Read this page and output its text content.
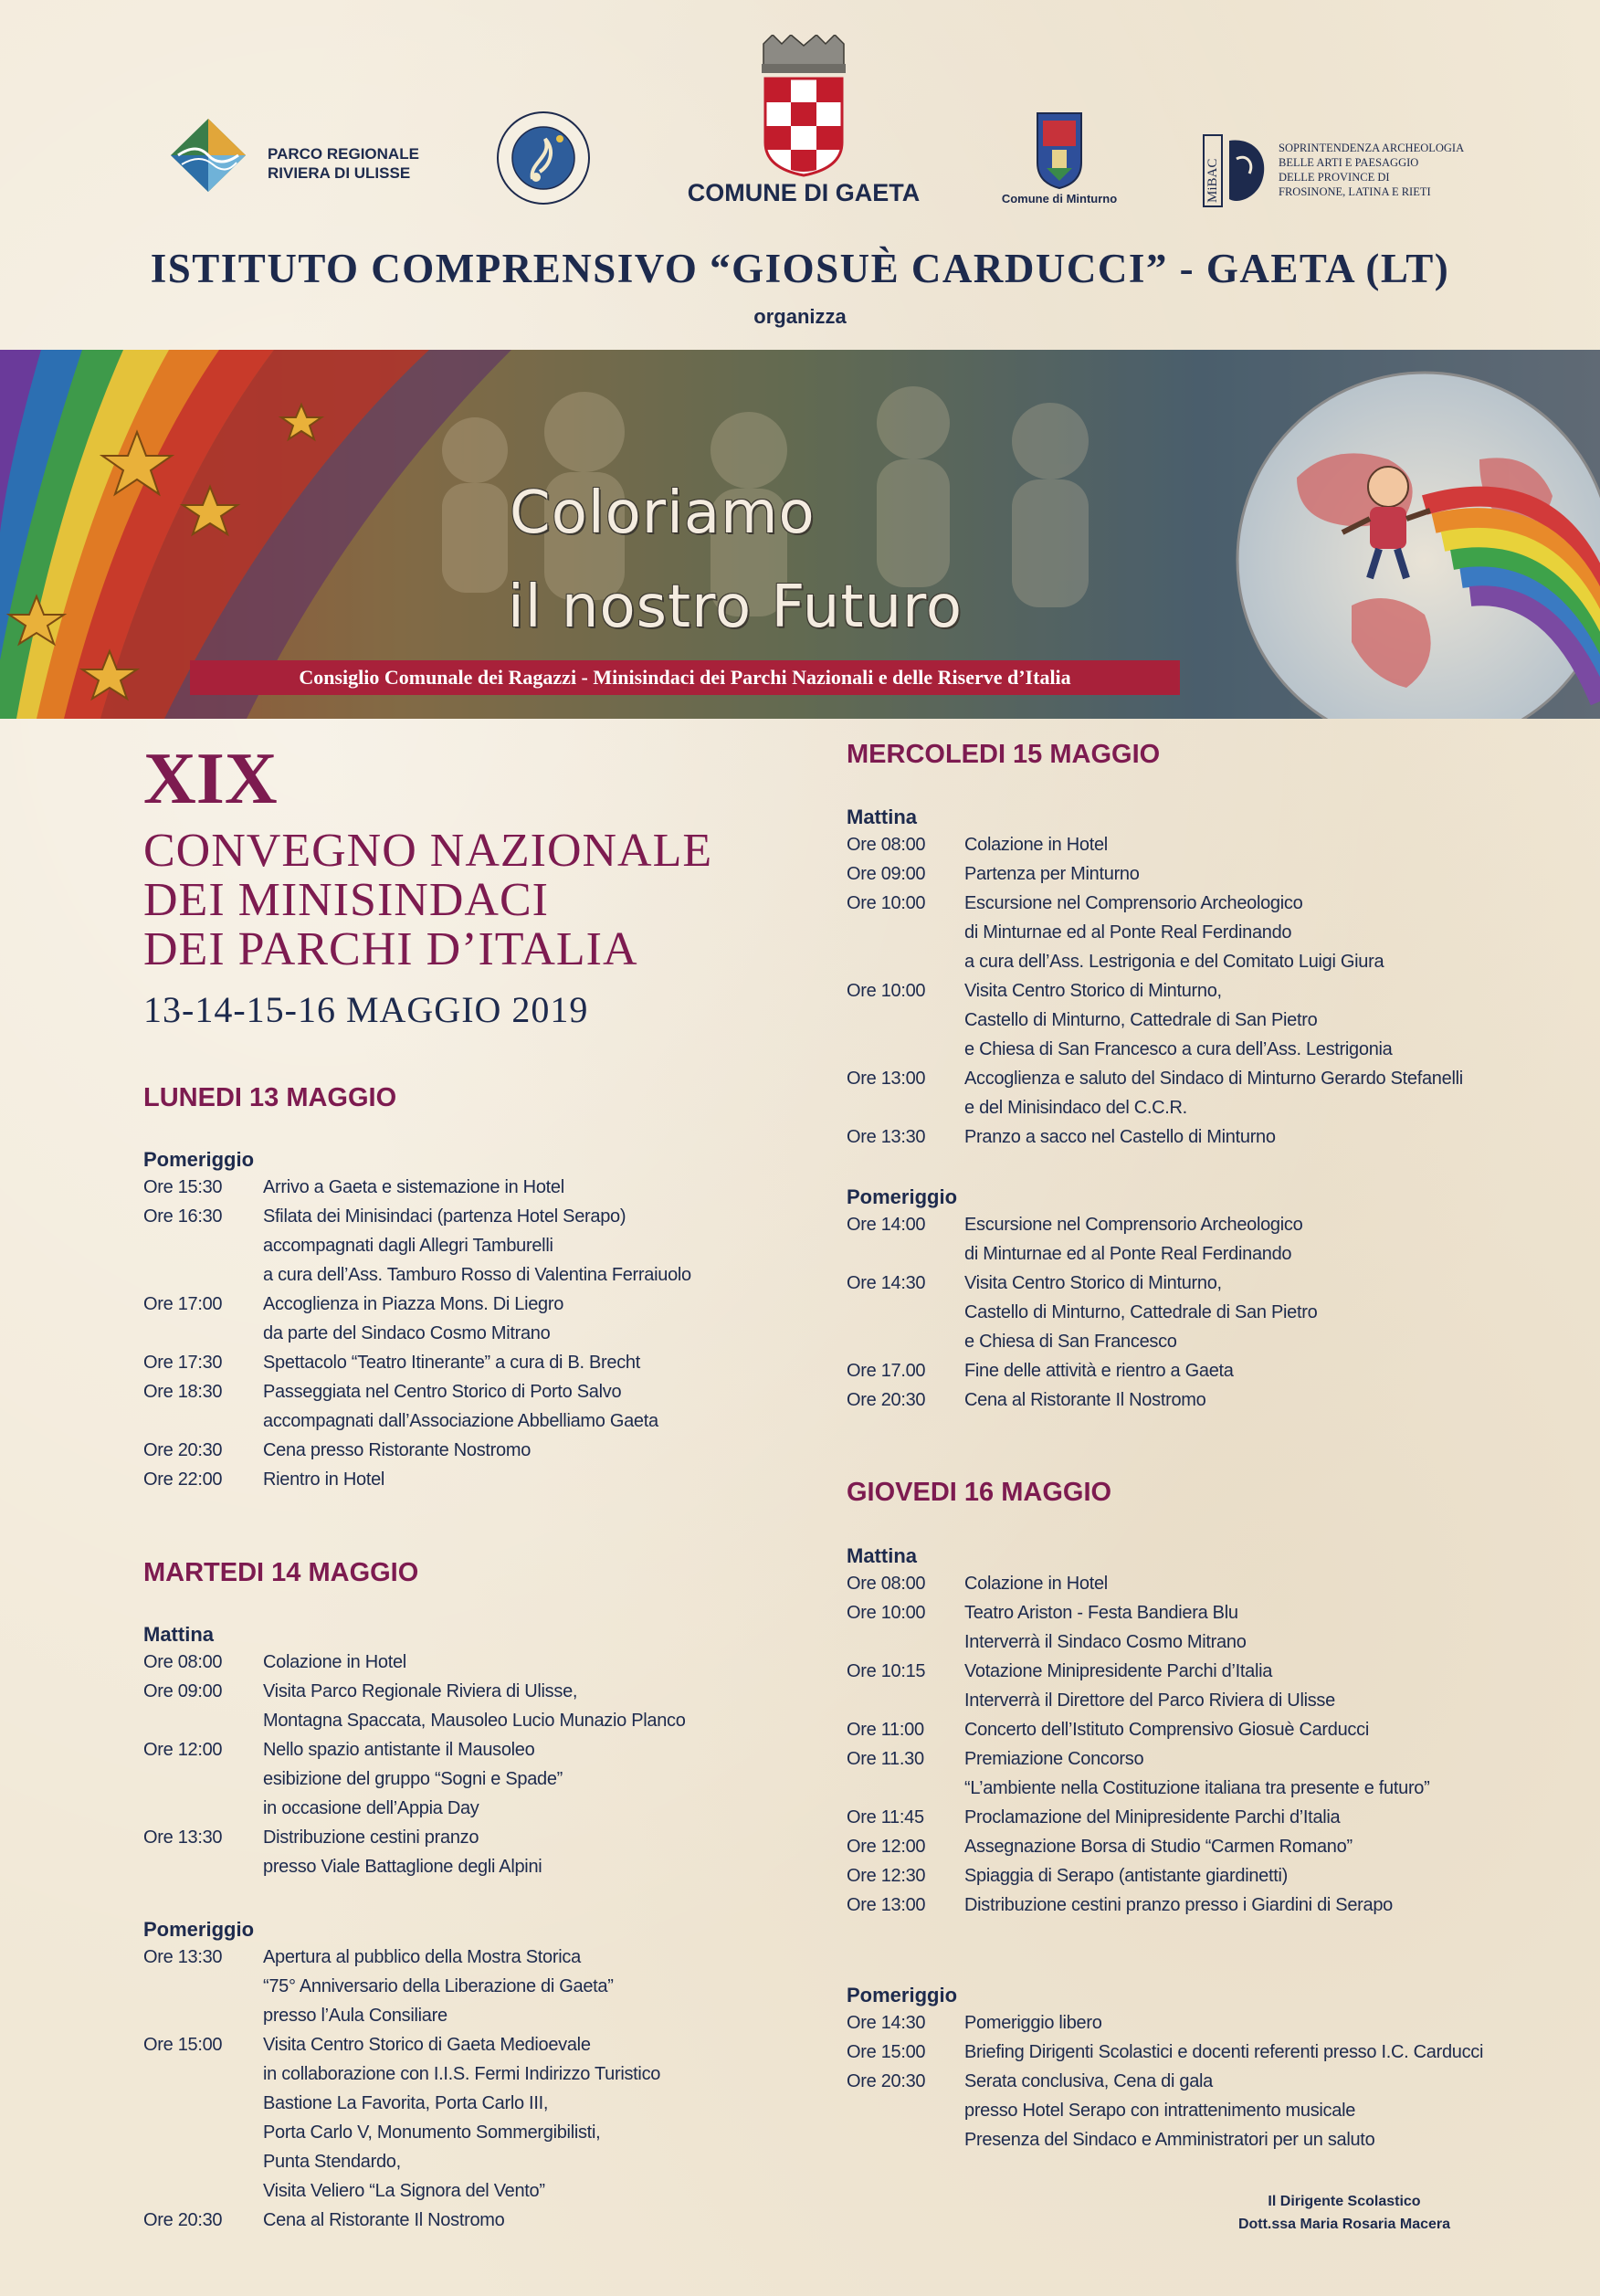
PARCO REGIONALE
RIVIERA DI ULISSE
COMUNE DI GAETA	Comune di Minturno	MiBAC
SOPRINTENDENZA ARCHEOLOGIA
BELLE ARTI E PAESAGGIO
DELLE PROVINCE DI
FROSINONE, LATINA E RIETI
ISTITUTO COMPRENSIVO “GIOSUÈ CARDUCCI” - GAETA (LT)
organizza
Coloriamo
il nostro Futuro
Consiglio Comunale dei Ragazzi - Minisindaci dei Parchi Nazionali e delle Riserve d’Italia
XIX
CONVEGNO NAZIONALE
DEI MINISINDACI
DEI PARCHI D’ITALIA
13-14-15-16 MAGGIO 2019
LUNEDI 13 MAGGIO
Pomeriggio
Ore 15:30 Arrivo a Gaeta e sistemazione in Hotel
Ore 16:30 Sfilata dei Minisindaci (partenza Hotel Serapo)
accompagnati dagli Allegri Tamburelli
a cura dell’Ass. Tamburo Rosso di Valentina Ferraiuolo
Ore 17:00 Accoglienza in Piazza Mons. Di Liegro
da parte del Sindaco Cosmo Mitrano
Ore 17:30 Spettacolo “Teatro Itinerante” a cura di B. Brecht
Ore 18:30 Passeggiata nel Centro Storico di Porto Salvo
accompagnati dall’Associazione Abbelliamo Gaeta
Ore 20:30 Cena presso Ristorante Nostromo
Ore 22:00 Rientro in Hotel
MARTEDI 14 MAGGIO
Mattina
Ore 08:00 Colazione in Hotel
Ore 09:00 Visita Parco Regionale Riviera di Ulisse,
Montagna Spaccata, Mausoleo Lucio Munazio Planco
Ore 12:00 Nello spazio antistante il Mausoleo
esibizione del gruppo “Sogni e Spade”
in occasione dell’Appia Day
Ore 13:30 Distribuzione cestini pranzo
presso Viale Battaglione degli Alpini
Pomeriggio
Ore 13:30 Apertura al pubblico della Mostra Storica
“75° Anniversario della Liberazione di Gaeta”
presso l’Aula Consiliare
Ore 15:00 Visita Centro Storico di Gaeta Medioevale
in collaborazione con I.I.S. Fermi Indirizzo Turistico
Bastione La Favorita, Porta Carlo III,
Porta Carlo V, Monumento Sommergibilisti,
Punta Stendardo,
Visita Veliero “La Signora del Vento”
Ore 20:30 Cena al Ristorante Il Nostromo
MERCOLEDI 15 MAGGIO
Mattina
Ore 08:00 Colazione in Hotel
Ore 09:00 Partenza per Minturno
Ore 10:00 Escursione nel Comprensorio Archeologico
di Minturnae ed al Ponte Real Ferdinando
a cura dell’Ass. Lestrigonia e del Comitato Luigi Giura
Ore 10:00 Visita Centro Storico di Minturno,
Castello di Minturno, Cattedrale di San Pietro
e Chiesa di San Francesco a cura dell’Ass. Lestrigonia
Ore 13:00 Accoglienza e saluto del Sindaco di Minturno Gerardo Stefanelli
e del Minisindaco del C.C.R.
Ore 13:30 Pranzo a sacco nel Castello di Minturno
Pomeriggio
Ore 14:00 Escursione nel Comprensorio Archeologico
di Minturnae ed al Ponte Real Ferdinando
Ore 14:30 Visita Centro Storico di Minturno,
Castello di Minturno, Cattedrale di San Pietro
e Chiesa di San Francesco
Ore 17.00 Fine delle attività e rientro a Gaeta
Ore 20:30 Cena al Ristorante Il Nostromo
GIOVEDI 16 MAGGIO
Mattina
Ore 08:00 Colazione in Hotel
Ore 10:00 Teatro Ariston - Festa Bandiera Blu
Interverrà il Sindaco Cosmo Mitrano
Ore 10:15 Votazione Minipresidente Parchi d’Italia
Interverrà il Direttore del Parco Riviera di Ulisse
Ore 11:00 Concerto dell’Istituto Comprensivo Giosuè Carducci
Ore 11.30 Premiazione Concorso
“L’ambiente nella Costituzione italiana tra presente e futuro”
Ore 11:45 Proclamazione del Minipresidente Parchi d’Italia
Ore 12:00 Assegnazione Borsa di Studio “Carmen Romano”
Ore 12:30 Spiaggia di Serapo (antistante giardinetti)
Ore 13:00 Distribuzione cestini pranzo presso i Giardini di Serapo
Pomeriggio
Ore 14:30 Pomeriggio libero
Ore 15:00 Briefing Dirigenti Scolastici e docenti referenti presso I.C. Carducci
Ore 20:30 Serata conclusiva, Cena di gala
presso Hotel Serapo con intrattenimento musicale
Presenza del Sindaco e Amministratori per un saluto
Il Dirigente Scolastico
Dott.ssa Maria Rosaria Macera
